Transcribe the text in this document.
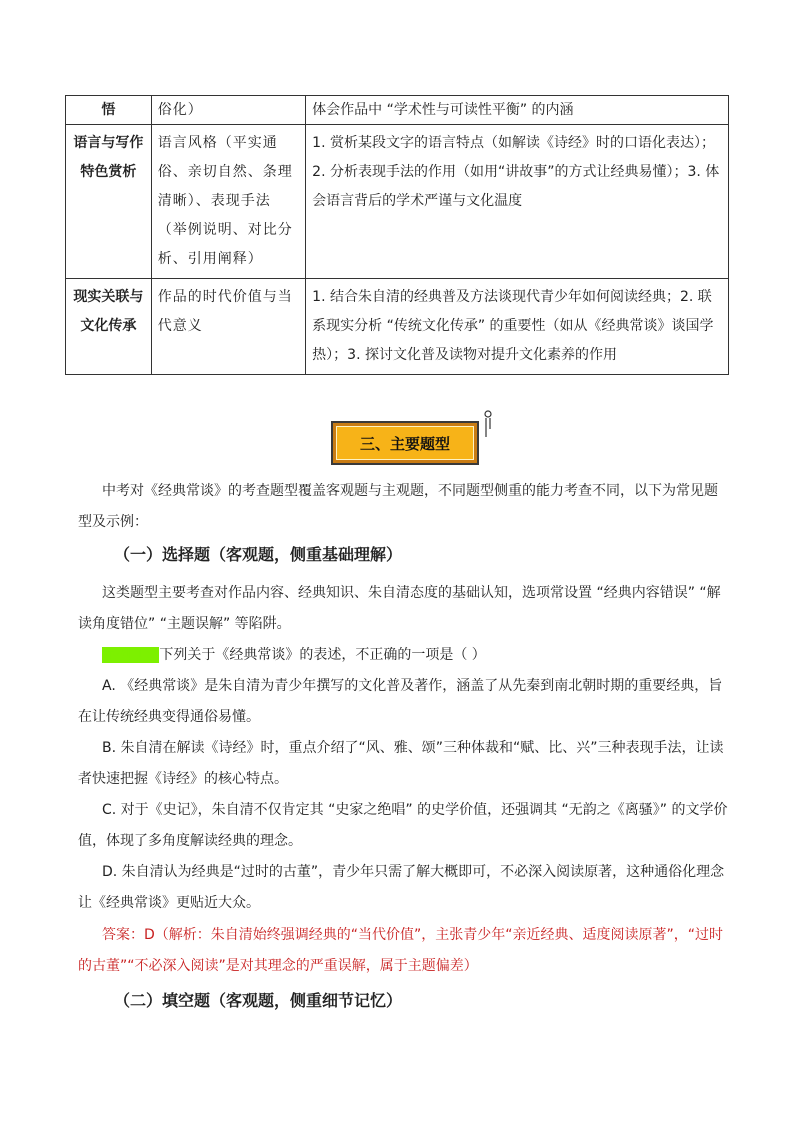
悟	俗化）	体会作品中 “学术性与可读性平衡” 的内涵
语言与写作特色赏析	语言风格（平实通俗、亲切自然、条理清晰）、表现手法（举例说明、对比分析、引用阐释）	1. 赏析某段文字的语言特点（如解读《诗经》时的口语化表达）；2. 分析表现手法的作用（如用“讲故事”的方式让经典易懂）；3. 体会语言背后的学术严谨与文化温度
现实关联与文化传承	作品的时代价值与当代意义	1. 结合朱自清的经典普及方法谈现代青少年如何阅读经典；2. 联系现实分析 “传统文化传承” 的重要性（如从《经典常谈》谈国学热）；3. 探讨文化普及读物对提升文化素养的作用
三、主要题型
中考对《经典常谈》的考查题型覆盖客观题与主观题，不同题型侧重的能力考查不同，以下为常见题型及示例：
（一）选择题（客观题，侧重基础理解）
这类题型主要考查对作品内容、经典知识、朱自清态度的基础认知，选项常设置 “经典内容错误” “解读角度错位” “主题误解” 等陷阱。
示例 1：下列关于《经典常谈》的表述，不正确的一项是（ ）
A. 《经典常谈》是朱自清为青少年撰写的文化普及著作，涵盖了从先秦到南北朝时期的重要经典，旨在让传统经典变得通俗易懂。
B. 朱自清在解读《诗经》时，重点介绍了“风、雅、颂”三种体裁和“赋、比、兴”三种表现手法，让读者快速把握《诗经》的核心特点。
C. 对于《史记》，朱自清不仅肯定其 “史家之绝唱” 的史学价值，还强调其 “无韵之《离骚》” 的文学价值，体现了多角度解读经典的理念。
D. 朱自清认为经典是“过时的古董”，青少年只需了解大概即可，不必深入阅读原著，这种通俗化理念让《经典常谈》更贴近大众。
答案：D（解析：朱自清始终强调经典的“当代价值”，主张青少年“亲近经典、适度阅读原著”，“过时的古董”“不必深入阅读”是对其理念的严重误解，属于主题偏差）
（二）填空题（客观题，侧重细节记忆）
